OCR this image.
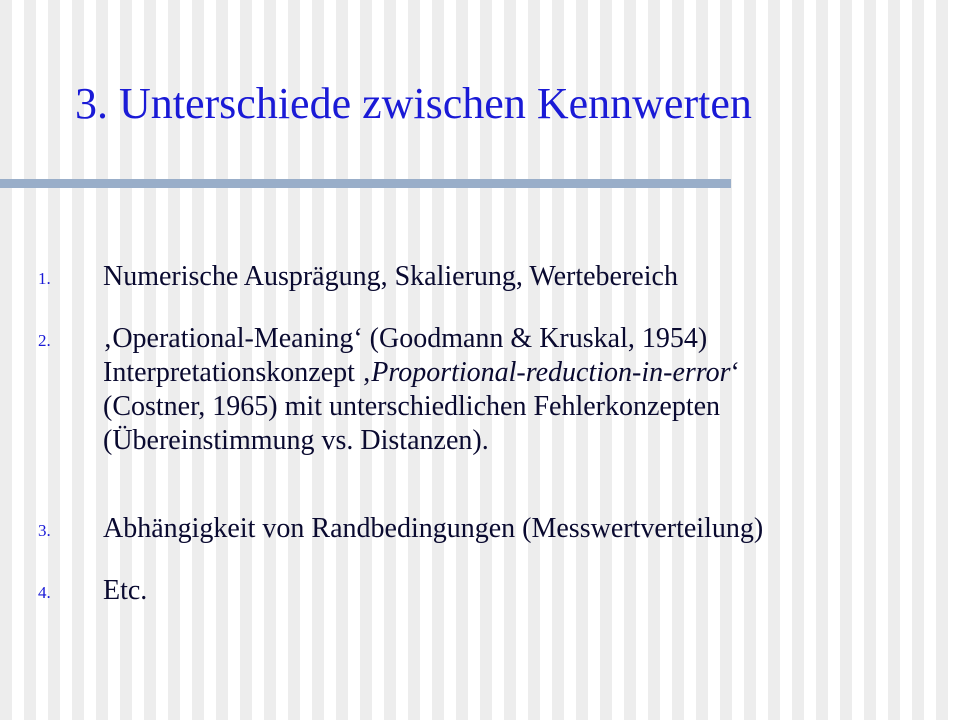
3. Unterschiede zwischen Kennwerten
1.	Numerische Ausprägung, Skalierung, Wertebereich
2.	‚Operational-Meaning‘ (Goodmann & Kruskal, 1954)
Interpretationskonzept ‚Proportional-reduction-in-error‘
(Costner, 1965) mit unterschiedlichen Fehlerkonzepten
(Übereinstimmung vs. Distanzen).
3.	Abhängigkeit von Randbedingungen (Messwertverteilung)
4.	Etc.
